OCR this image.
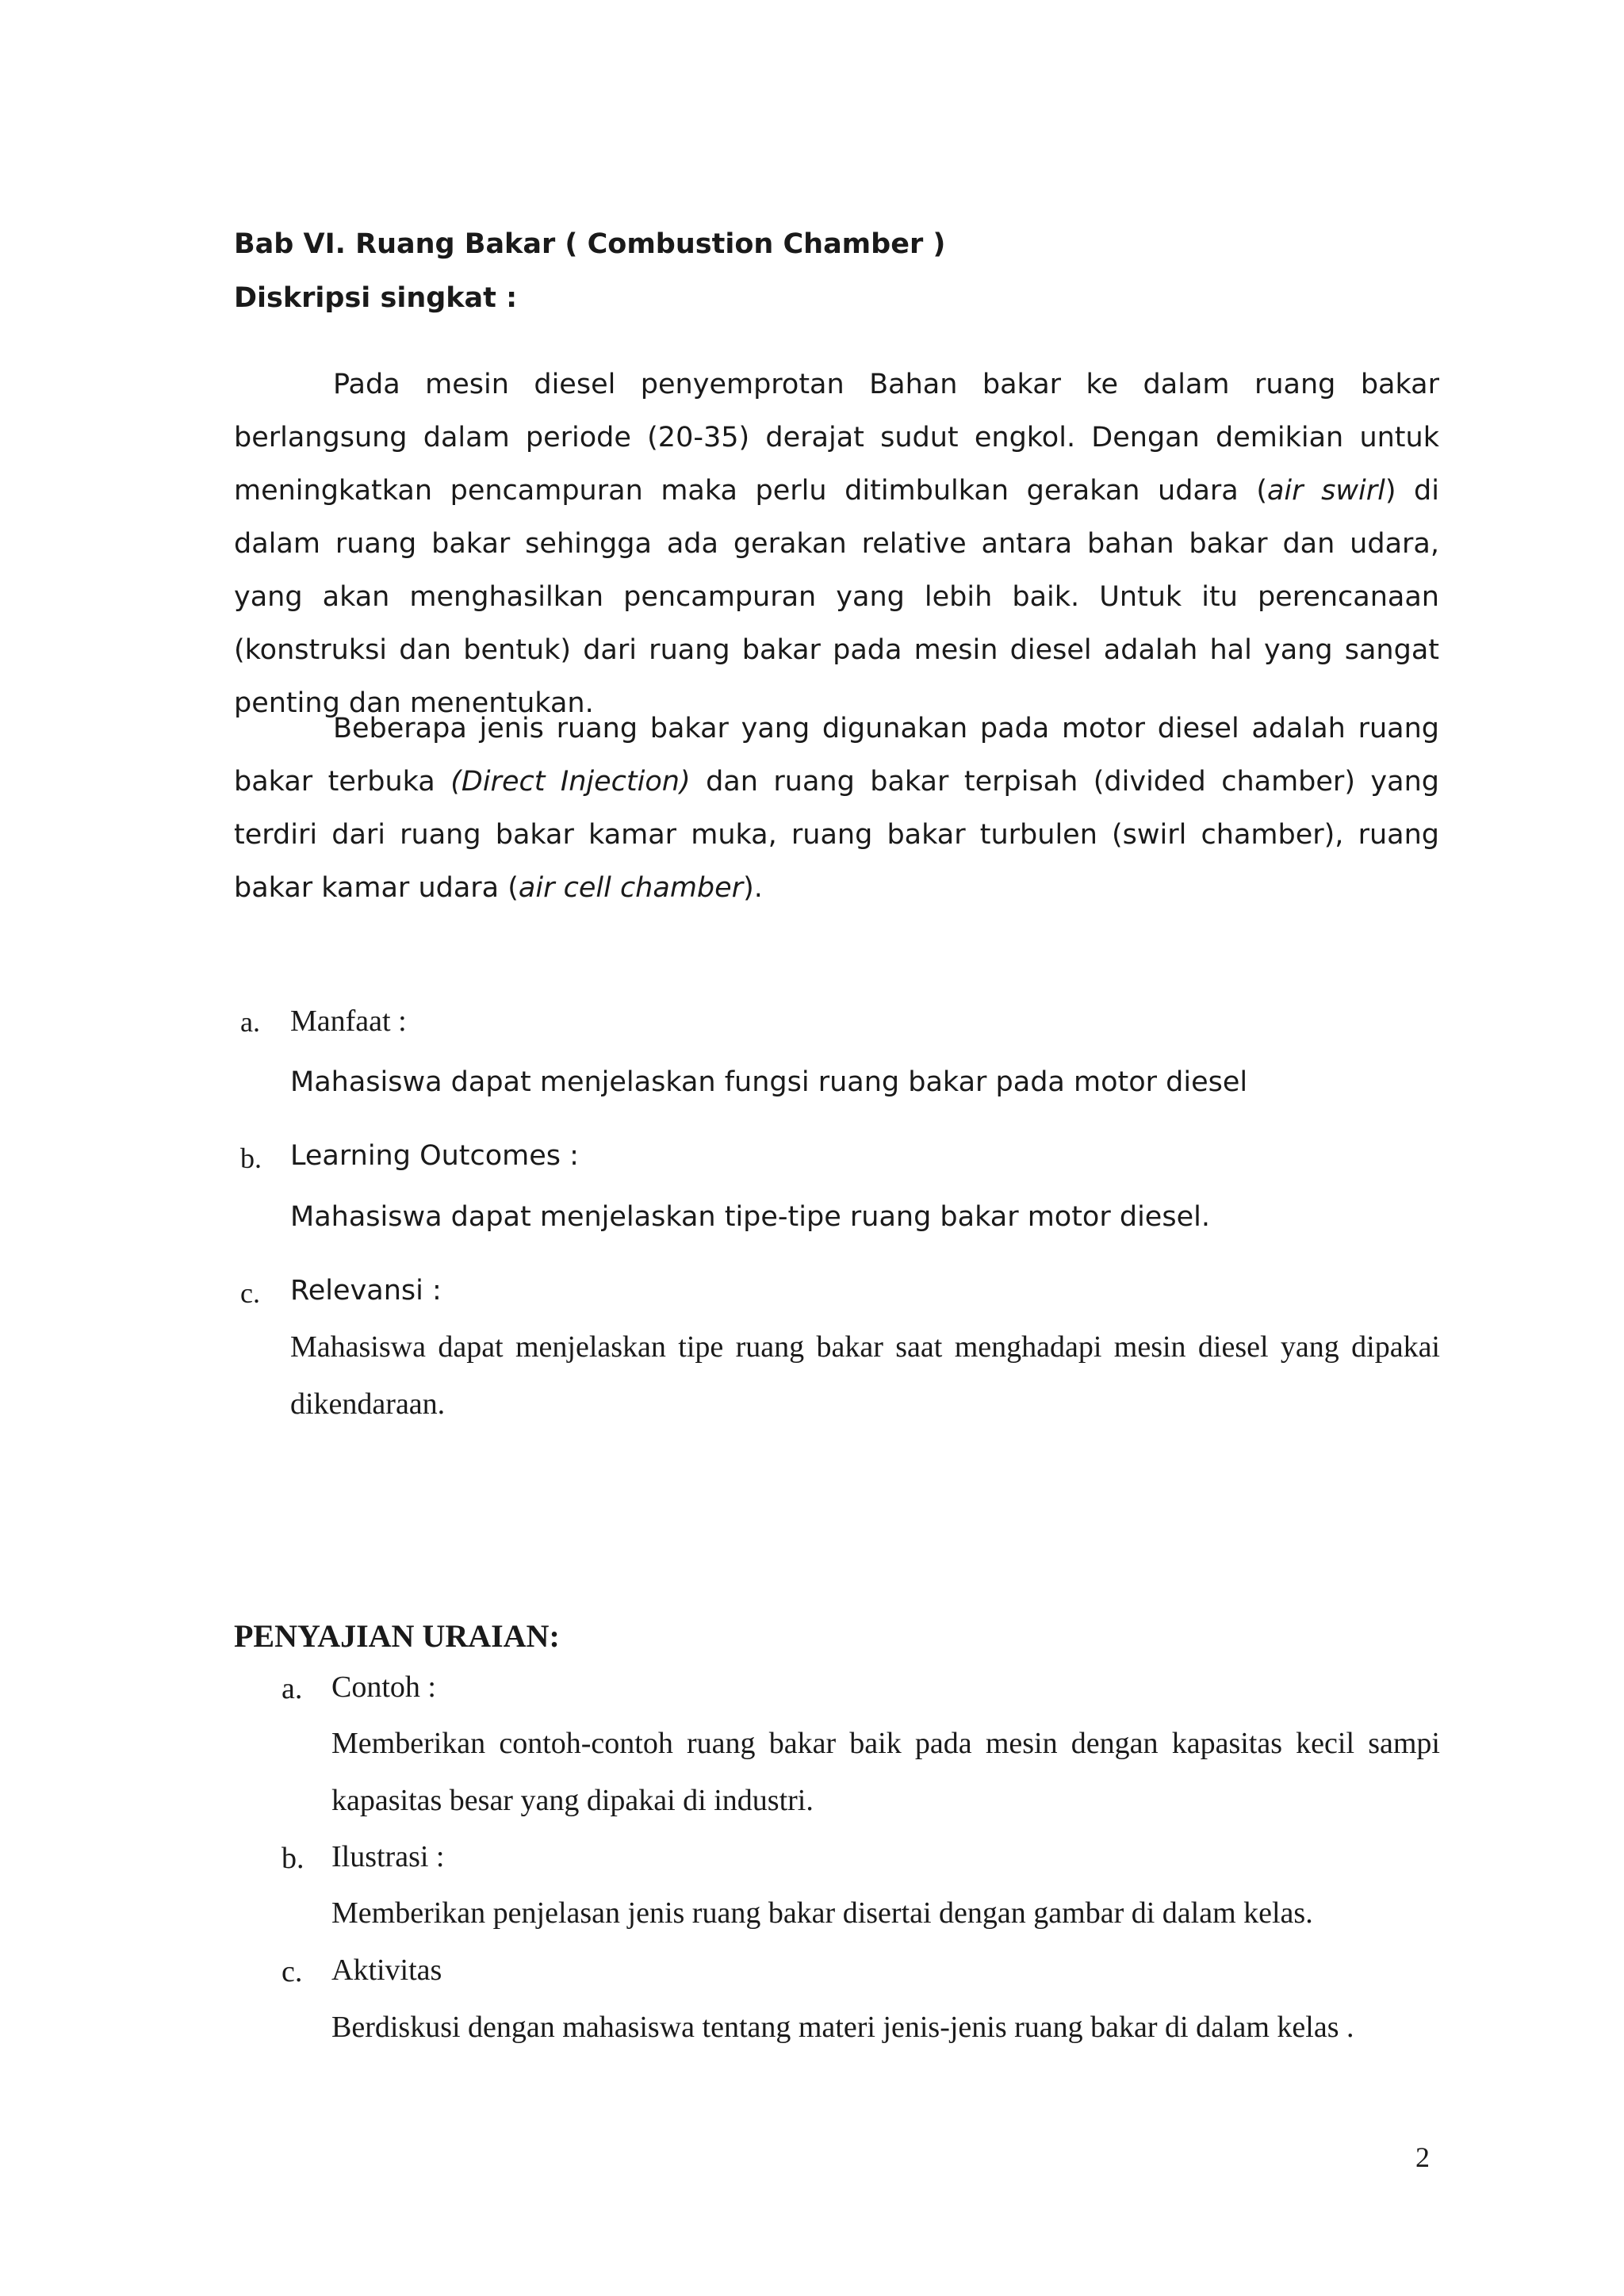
Bab VI. Ruang Bakar ( Combustion Chamber )
Diskripsi singkat :

Pada mesin diesel penyemprotan Bahan bakar ke dalam ruang bakar berlangsung dalam periode (20-35) derajat sudut engkol. Dengan demikian untuk meningkatkan pencampuran maka perlu ditimbulkan gerakan udara (air swirl) di dalam ruang bakar sehingga ada gerakan relative antara bahan bakar dan udara, yang akan menghasilkan pencampuran yang lebih baik. Untuk itu perencanaan (konstruksi dan bentuk) dari ruang bakar pada mesin diesel adalah hal yang sangat penting dan menentukan.

Beberapa jenis ruang bakar yang digunakan pada motor diesel adalah ruang bakar terbuka (Direct Injection) dan ruang bakar terpisah (divided chamber) yang terdiri dari ruang bakar kamar muka, ruang bakar turbulen (swirl chamber), ruang bakar kamar udara (air cell chamber).

a. Manfaat :

Mahasiswa dapat menjelaskan fungsi ruang bakar pada motor diesel

b. Learning Outcomes :

Mahasiswa dapat menjelaskan tipe-tipe ruang bakar motor diesel.

c. Relevansi :

Mahasiswa dapat menjelaskan tipe ruang bakar saat menghadapi mesin diesel yang dipakai dikendaraan.

PENYAJIAN URAIAN:
a. Contoh :

Memberikan contoh-contoh ruang bakar baik pada mesin dengan kapasitas kecil sampi kapasitas besar yang dipakai di industri.

b. Ilustrasi :

Memberikan penjelasan jenis ruang bakar disertai dengan gambar di dalam kelas.

c. Aktivitas

Berdiskusi dengan mahasiswa tentang materi jenis-jenis ruang bakar di dalam kelas .

2
